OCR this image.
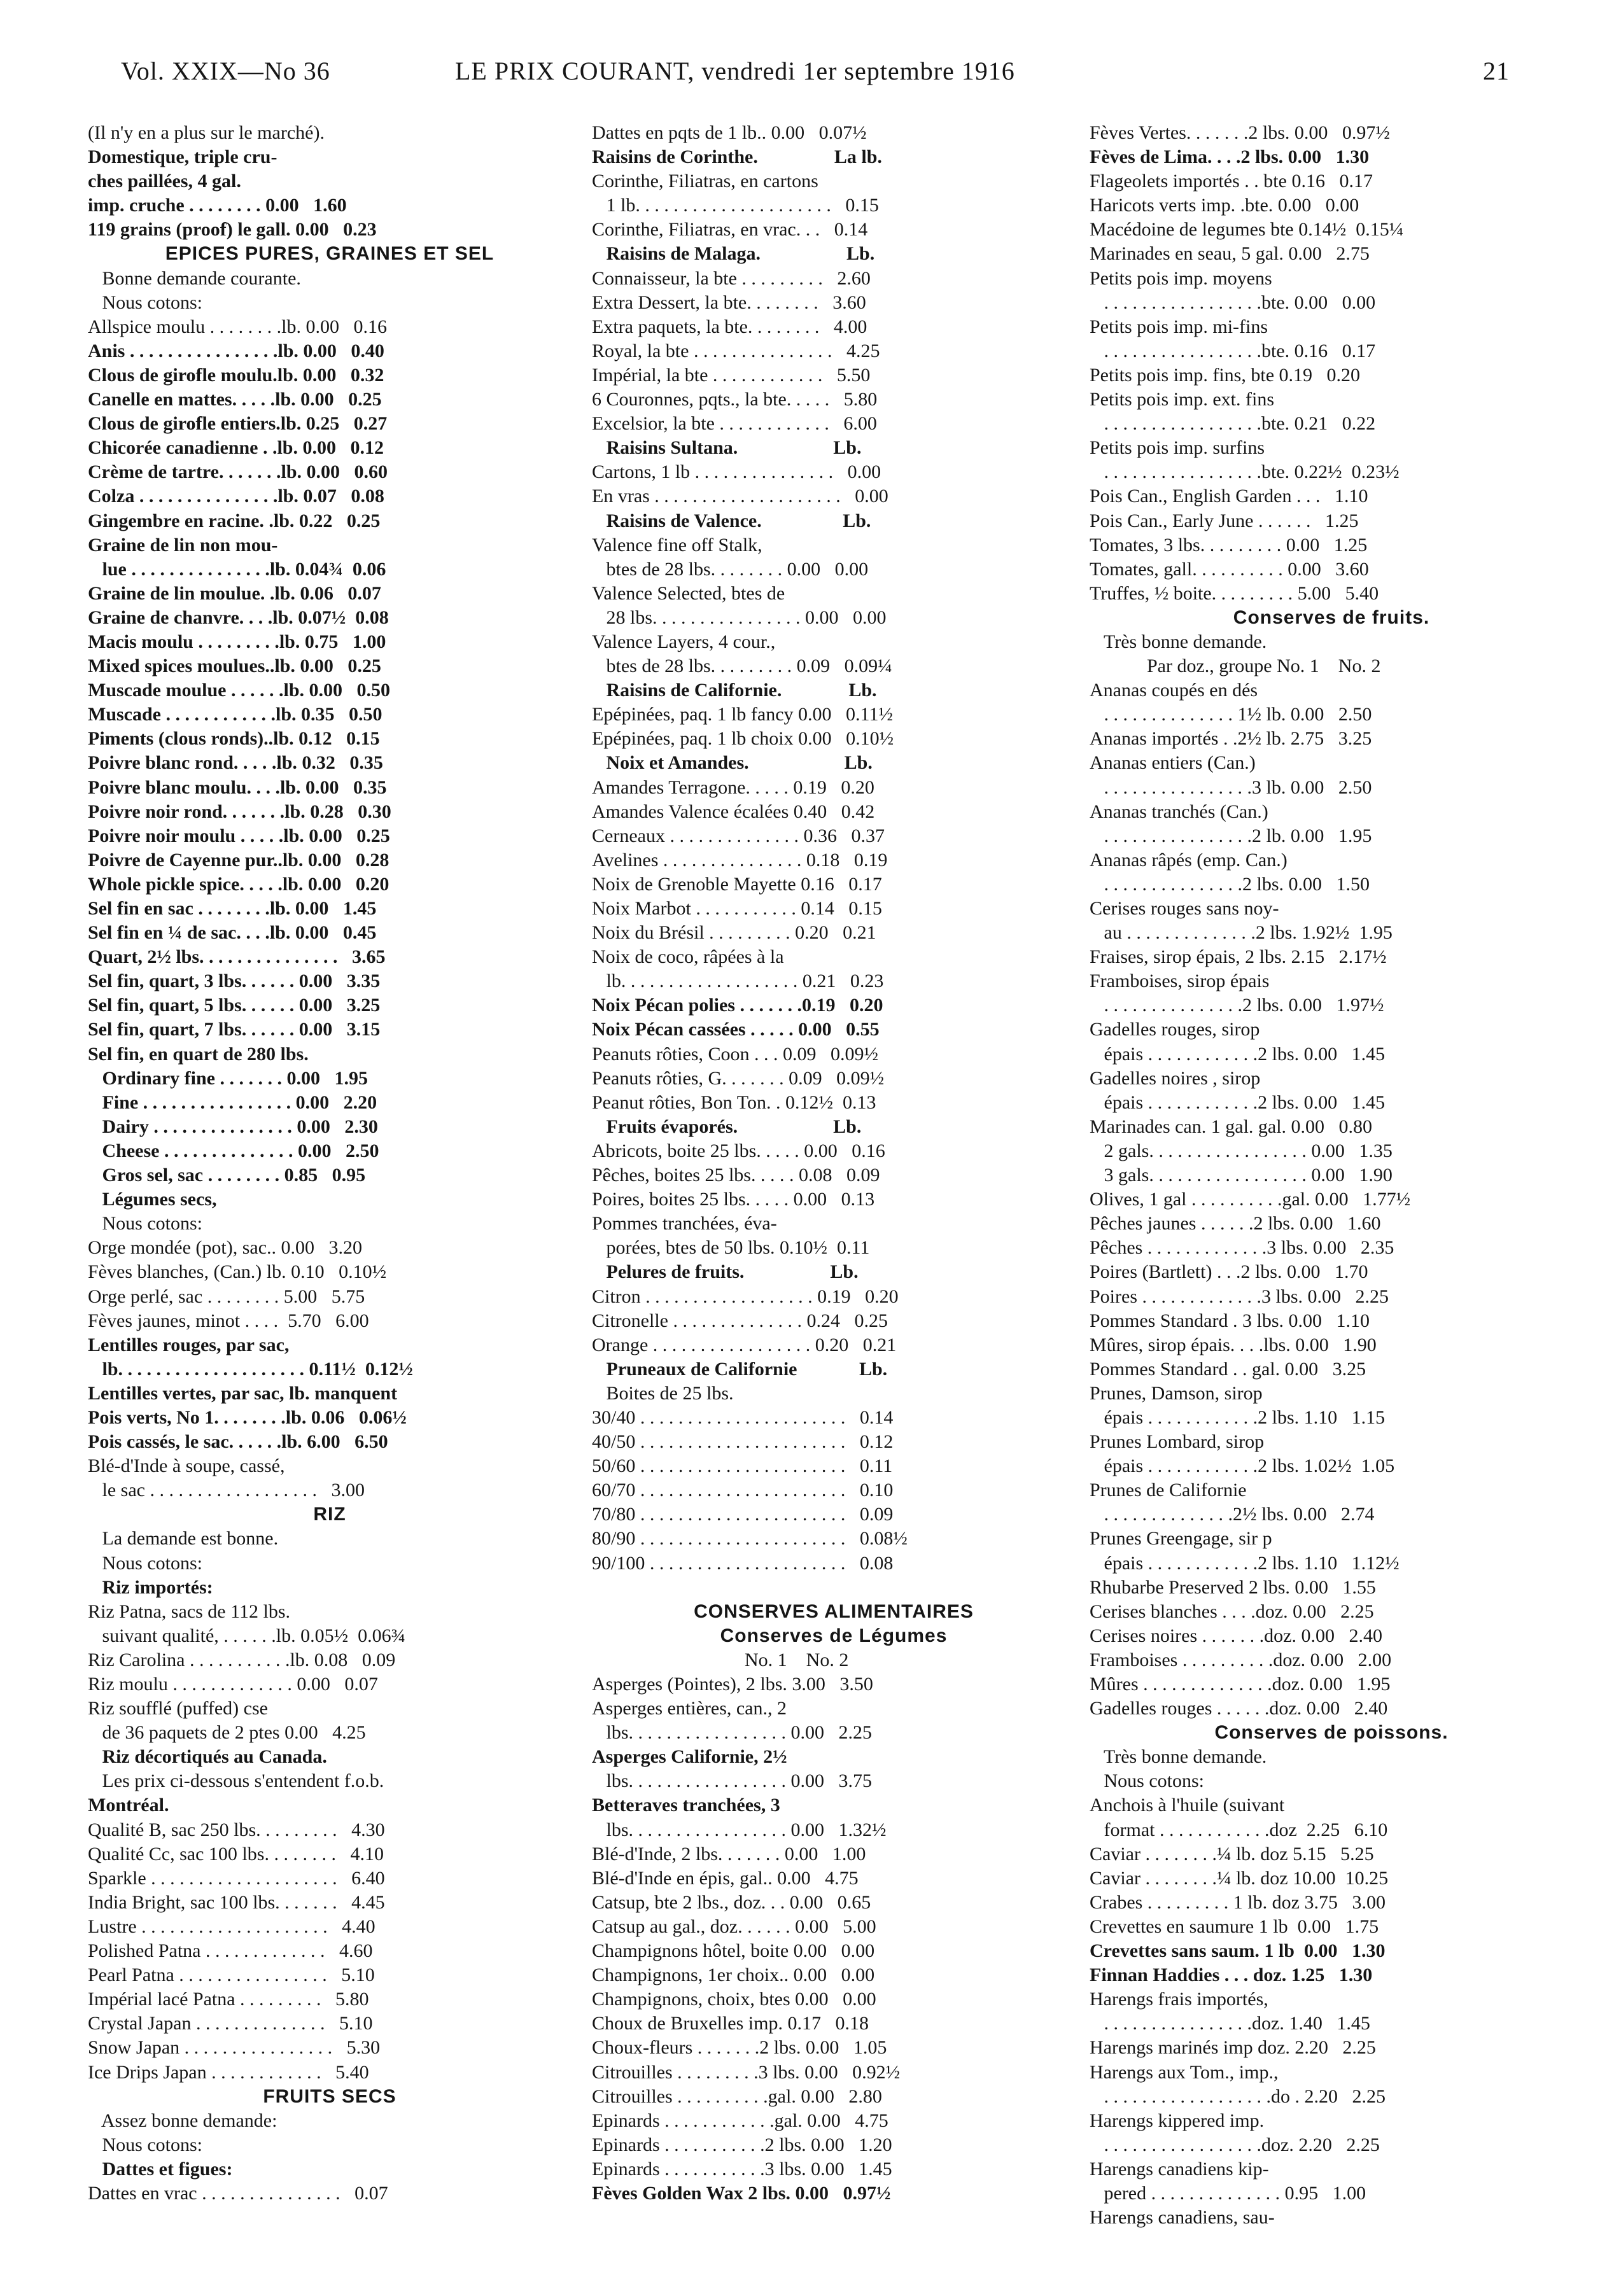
Vol. XXIX—No 36	LE PRIX COURANT, vendredi 1er septembre 1916	21
(Il n'y en a plus sur le marché).
Domestique, triple cru-
ches paillées, 4 gal.
imp. cruche . . . . . . . . 0.00   1.60
119 grains (proof) le gall. 0.00   0.23
EPICES PURES, GRAINES ET SEL
Bonne demande courante.
Nous cotons:
Allspice moulu . . . . . . . .lb. 0.00   0.16
Anis . . . . . . . . . . . . . . . .lb. 0.00   0.40
Clous de girofle moulu.lb. 0.00   0.32
Canelle en mattes. . . . .lb. 0.00   0.25
Clous de girofle entiers.lb. 0.25   0.27
Chicorée canadienne . .lb. 0.00   0.12
Crème de tartre. . . . . . .lb. 0.00   0.60
Colza . . . . . . . . . . . . . . .lb. 0.07   0.08
Gingembre en racine. .lb. 0.22   0.25
Graine de lin non mou-
lue . . . . . . . . . . . . . . .lb. 0.04¾  0.06
Graine de lin moulue. .lb. 0.06   0.07
Graine de chanvre. . . .lb. 0.07½  0.08
Macis moulu . . . . . . . . .lb. 0.75   1.00
Mixed spices moulues..lb. 0.00   0.25
Muscade moulue . . . . . .lb. 0.00   0.50
Muscade . . . . . . . . . . . .lb. 0.35   0.50
Piments (clous ronds)..lb. 0.12   0.15
Poivre blanc rond. . . . .lb. 0.32   0.35
Poivre blanc moulu. . . .lb. 0.00   0.35
Poivre noir rond. . . . . . .lb. 0.28   0.30
Poivre noir moulu . . . . .lb. 0.00   0.25
Poivre de Cayenne pur..lb. 0.00   0.28
Whole pickle spice. . . . .lb. 0.00   0.20
Sel fin en sac . . . . . . . .lb. 0.00   1.45
Sel fin en ¼ de sac. . . .lb. 0.00   0.45
Quart, 2½ lbs. . . . . . . . . . . . . . .   3.65
Sel fin, quart, 3 lbs. . . . . . 0.00   3.35
Sel fin, quart, 5 lbs. . . . . . 0.00   3.25
Sel fin, quart, 7 lbs. . . . . . 0.00   3.15
Sel fin, en quart de 280 lbs.
Ordinary fine . . . . . . . 0.00   1.95
Fine . . . . . . . . . . . . . . . . 0.00   2.20
Dairy . . . . . . . . . . . . . . . 0.00   2.30
Cheese . . . . . . . . . . . . . . 0.00   2.50
Gros sel, sac . . . . . . . . 0.85   0.95
Légumes secs,
Nous cotons:
Orge mondée (pot), sac.. 0.00   3.20
Fèves blanches, (Can.) lb. 0.10   0.10½
Orge perlé, sac . . . . . . . . 5.00   5.75
Fèves jaunes, minot . . . .  5.70   6.00
Lentilles rouges, par sac,
lb. . . . . . . . . . . . . . . . . . . . 0.11½  0.12½
Lentilles vertes, par sac, lb. manquent
Pois verts, No 1. . . . . . . .lb. 0.06   0.06½
Pois cassés, le sac. . . . . .lb. 6.00   6.50
Blé-d'Inde à soupe, cassé,
le sac . . . . . . . . . . . . . . . . . .   3.00
RIZ
La demande est bonne.
Nous cotons:
Riz importés:
Riz Patna, sacs de 112 lbs.
suivant qualité, . . . . . .lb. 0.05½  0.06¾
Riz Carolina . . . . . . . . . . .lb. 0.08   0.09
Riz moulu . . . . . . . . . . . . . 0.00   0.07
Riz soufflé (puffed) cse
de 36 paquets de 2 ptes 0.00   4.25
Riz décortiqués au Canada.
Les prix ci-dessous s'entendent f.o.b.
Montréal.
Qualité B, sac 250 lbs. . . . . . . . .   4.30
Qualité Cc, sac 100 lbs. . . . . . . .   4.10
Sparkle . . . . . . . . . . . . . . . . . . . .   6.40
India Bright, sac 100 lbs. . . . . . .   4.45
Lustre . . . . . . . . . . . . . . . . . . . .   4.40
Polished Patna . . . . . . . . . . . . .   4.60
Pearl Patna . . . . . . . . . . . . . . . .   5.10
Impérial lacé Patna . . . . . . . . .   5.80
Crystal Japan . . . . . . . . . . . . . .   5.10
Snow Japan . . . . . . . . . . . . . . . .   5.30
Ice Drips Japan . . . . . . . . . . . .   5.40
FRUITS SECS
Assez bonne demande:
Nous cotons:
Dattes et figues:
Dattes en vrac . . . . . . . . . . . . . . .   0.07
Dattes en pqts de 1 lb.. 0.00   0.07½
Raisins de Corinthe.                La lb.
Corinthe, Filiatras, en cartons
1 lb. . . . . . . . . . . . . . . . . . . . .   0.15
Corinthe, Filiatras, en vrac. . .   0.14
Raisins de Malaga.                  Lb.
Connaisseur, la bte . . . . . . . . .   2.60
Extra Dessert, la bte. . . . . . . .   3.60
Extra paquets, la bte. . . . . . . .   4.00
Royal, la bte . . . . . . . . . . . . . . .   4.25
Impérial, la bte . . . . . . . . . . . .   5.50
6 Couronnes, pqts., la bte. . . . .   5.80
Excelsior, la bte . . . . . . . . . . . .   6.00
Raisins Sultana.                    Lb.
Cartons, 1 lb . . . . . . . . . . . . . . .   0.00
En vras . . . . . . . . . . . . . . . . . . . .   0.00
Raisins de Valence.                 Lb.
Valence fine off Stalk,
btes de 28 lbs. . . . . . . . 0.00   0.00
Valence Selected, btes de
28 lbs. . . . . . . . . . . . . . . . 0.00   0.00
Valence Layers, 4 cour.,
btes de 28 lbs. . . . . . . . . 0.09   0.09¼
Raisins de Californie.              Lb.
Epépinées, paq. 1 lb fancy 0.00   0.11½
Epépinées, paq. 1 lb choix 0.00   0.10½
Noix et Amandes.                    Lb.
Amandes Terragone. . . . . 0.19   0.20
Amandes Valence écalées 0.40   0.42
Cerneaux . . . . . . . . . . . . . . 0.36   0.37
Avelines . . . . . . . . . . . . . . . 0.18   0.19
Noix de Grenoble Mayette 0.16   0.17
Noix Marbot . . . . . . . . . . . 0.14   0.15
Noix du Brésil . . . . . . . . . 0.20   0.21
Noix de coco, râpées à la
lb. . . . . . . . . . . . . . . . . . . 0.21   0.23
Noix Pécan polies . . . . . . .0.19   0.20
Noix Pécan cassées . . . . . 0.00   0.55
Peanuts rôties, Coon . . . 0.09   0.09½
Peanuts rôties, G. . . . . . . 0.09   0.09½
Peanut rôties, Bon Ton. . 0.12½  0.13
Fruits évaporés.                    Lb.
Abricots, boite 25 lbs. . . . . 0.00   0.16
Pêches, boites 25 lbs. . . . . 0.08   0.09
Poires, boites 25 lbs. . . . . 0.00   0.13
Pommes tranchées, éva-
porées, btes de 50 lbs. 0.10½  0.11
Pelures de fruits.                  Lb.
Citron . . . . . . . . . . . . . . . . . . 0.19   0.20
Citronelle . . . . . . . . . . . . . . 0.24   0.25
Orange . . . . . . . . . . . . . . . . . 0.20   0.21
Pruneaux de Californie             Lb.
Boites de 25 lbs.
30/40 . . . . . . . . . . . . . . . . . . . . . .   0.14
40/50 . . . . . . . . . . . . . . . . . . . . . .   0.12
50/60 . . . . . . . . . . . . . . . . . . . . . .   0.11
60/70 . . . . . . . . . . . . . . . . . . . . . .   0.10
70/80 . . . . . . . . . . . . . . . . . . . . . .   0.09
80/90 . . . . . . . . . . . . . . . . . . . . . .   0.08½
90/100 . . . . . . . . . . . . . . . . . . . . .   0.08
CONSERVES ALIMENTAIRES
Conserves de Légumes
No. 1    No. 2
Asperges (Pointes), 2 lbs. 3.00   3.50
Asperges entières, can., 2
lbs. . . . . . . . . . . . . . . . . 0.00   2.25
Asperges Californie, 2½
lbs. . . . . . . . . . . . . . . . . 0.00   3.75
Betteraves tranchées, 3
lbs. . . . . . . . . . . . . . . . . 0.00   1.32½
Blé-d'Inde, 2 lbs. . . . . . . 0.00   1.00
Blé-d'Inde en épis, gal.. 0.00   4.75
Catsup, bte 2 lbs., doz. . . 0.00   0.65
Catsup au gal., doz. . . . . . 0.00   5.00
Champignons hôtel, boite 0.00   0.00
Champignons, 1er choix.. 0.00   0.00
Champignons, choix, btes 0.00   0.00
Choux de Bruxelles imp. 0.17   0.18
Choux-fleurs . . . . . . .2 lbs. 0.00   1.05
Citrouilles . . . . . . . . .3 lbs. 0.00   0.92½
Citrouilles . . . . . . . . . .gal. 0.00   2.80
Epinards . . . . . . . . . . . .gal. 0.00   4.75
Epinards . . . . . . . . . . .2 lbs. 0.00   1.20
Epinards . . . . . . . . . . .3 lbs. 0.00   1.45
Fèves Golden Wax 2 lbs. 0.00   0.97½
Fèves Vertes. . . . . . .2 lbs. 0.00   0.97½
Fèves de Lima. . . .2 lbs. 0.00   1.30
Flageolets importés . . bte 0.16   0.17
Haricots verts imp. .bte. 0.00   0.00
Macédoine de legumes bte 0.14½  0.15¼
Marinades en seau, 5 gal. 0.00   2.75
Petits pois imp. moyens
. . . . . . . . . . . . . . . . .bte. 0.00   0.00
Petits pois imp. mi-fins
. . . . . . . . . . . . . . . . .bte. 0.16   0.17
Petits pois imp. fins, bte 0.19   0.20
Petits pois imp. ext. fins
. . . . . . . . . . . . . . . . .bte. 0.21   0.22
Petits pois imp. surfins
. . . . . . . . . . . . . . . . .bte. 0.22½  0.23½
Pois Can., English Garden . . .   1.10
Pois Can., Early June . . . . . .   1.25
Tomates, 3 lbs. . . . . . . . . 0.00   1.25
Tomates, gall. . . . . . . . . . 0.00   3.60
Truffes, ½ boite. . . . . . . . . 5.00   5.40
Conserves de fruits.
Très bonne demande.
Par doz., groupe No. 1    No. 2
Ananas coupés en dés
. . . . . . . . . . . . . . 1½ lb. 0.00   2.50
Ananas importés . .2½ lb. 2.75   3.25
Ananas entiers (Can.)
. . . . . . . . . . . . . . . .3 lb. 0.00   2.50
Ananas tranchés (Can.)
. . . . . . . . . . . . . . . .2 lb. 0.00   1.95
Ananas râpés (emp. Can.)
. . . . . . . . . . . . . . .2 lbs. 0.00   1.50
Cerises rouges sans noy-
au . . . . . . . . . . . . . .2 lbs. 1.92½  1.95
Fraises, sirop épais, 2 lbs. 2.15   2.17½
Framboises, sirop épais
. . . . . . . . . . . . . . .2 lbs. 0.00   1.97½
Gadelles rouges, sirop
épais . . . . . . . . . . . .2 lbs. 0.00   1.45
Gadelles noires , sirop
épais . . . . . . . . . . . .2 lbs. 0.00   1.45
Marinades can. 1 gal. gal. 0.00   0.80
2 gals. . . . . . . . . . . . . . . . . 0.00   1.35
3 gals. . . . . . . . . . . . . . . . . 0.00   1.90
Olives, 1 gal . . . . . . . . . .gal. 0.00   1.77½
Pêches jaunes . . . . . .2 lbs. 0.00   1.60
Pêches . . . . . . . . . . . . .3 lbs. 0.00   2.35
Poires (Bartlett) . . .2 lbs. 0.00   1.70
Poires . . . . . . . . . . . . .3 lbs. 0.00   2.25
Pommes Standard . 3 lbs. 0.00   1.10
Mûres, sirop épais. . . .lbs. 0.00   1.90
Pommes Standard . . gal. 0.00   3.25
Prunes, Damson, sirop
épais . . . . . . . . . . . .2 lbs. 1.10   1.15
Prunes Lombard, sirop
épais . . . . . . . . . . . .2 lbs. 1.02½  1.05
Prunes de Californie
. . . . . . . . . . . . . .2½ lbs. 0.00   2.74
Prunes Greengage, sir p
épais . . . . . . . . . . . .2 lbs. 1.10   1.12½
Rhubarbe Preserved 2 lbs. 0.00   1.55
Cerises blanches . . . .doz. 0.00   2.25
Cerises noires . . . . . . .doz. 0.00   2.40
Framboises . . . . . . . . . .doz. 0.00   2.00
Mûres . . . . . . . . . . . . . .doz. 0.00   1.95
Gadelles rouges . . . . . .doz. 0.00   2.40
Conserves de poissons.
Très bonne demande.
Nous cotons:
Anchois à l'huile (suivant
format . . . . . . . . . . . .doz  2.25   6.10
Caviar . . . . . . . .¼ lb. doz 5.15   5.25
Caviar . . . . . . . .¼ lb. doz 10.00  10.25
Crabes . . . . . . . . . 1 lb. doz 3.75   3.00
Crevettes en saumure 1 lb  0.00   1.75
Crevettes sans saum. 1 lb  0.00   1.30
Finnan Haddies . . . doz. 1.25   1.30
Harengs frais importés,
. . . . . . . . . . . . . . . .doz. 1.40   1.45
Harengs marinés imp doz. 2.20   2.25
Harengs aux Tom., imp.,
. . . . . . . . . . . . . . . . . .do . 2.20   2.25
Harengs kippered imp.
. . . . . . . . . . . . . . . . .doz. 2.20   2.25
Harengs canadiens kip-
pered . . . . . . . . . . . . . . 0.95   1.00
Harengs canadiens, sau-
